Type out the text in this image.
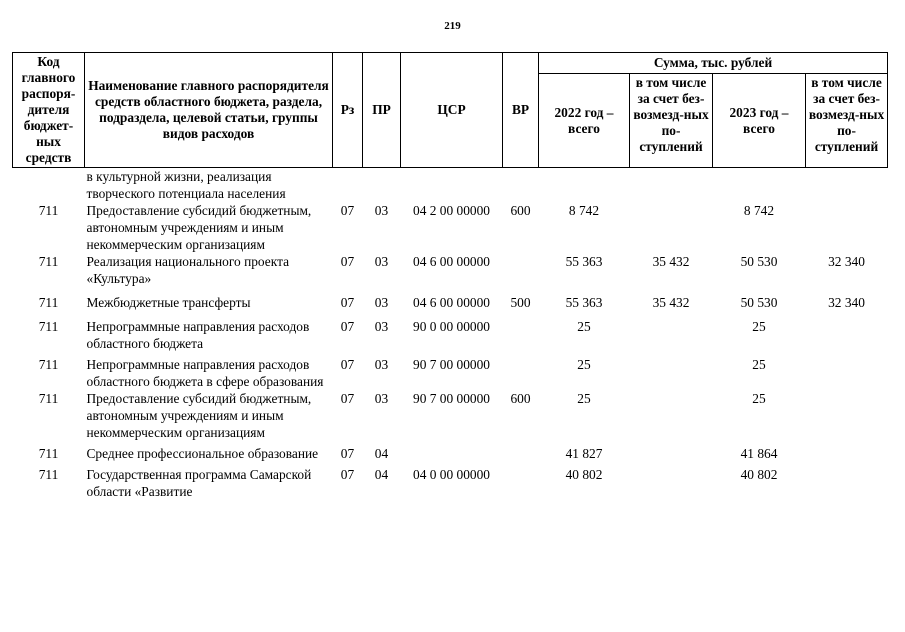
219
Код главного распоря-дителя бюджет-ных средств	Наименование главного распорядителя средств областного бюджета, раздела, подраздела, целевой статьи, группы видов расходов	Рз	ПР	ЦСР	ВР	Сумма, тыс. рублей			
						2022 год – всего	в том числе за счет без-возмезд-ных по-ступлений	2023 год – всего	в том числе за счет без-возмезд-ных по-ступлений
	в культурной жизни, реализация творческого потенциала населения								
711	Предоставление субсидий бюджетным, автономным учреждениям и иным некоммерческим организациям	07	03	04 2 00 00000	600	8 742		8 742	
711	Реализация национального проекта «Культура»	07	03	04 6 00 00000		55 363	35 432	50 530	32 340
711	Межбюджетные трансферты	07	03	04 6 00 00000	500	55 363	35 432	50 530	32 340
711	Непрограммные направления расходов областного бюджета	07	03	90 0 00 00000		25		25	
711	Непрограммные направления расходов областного бюджета в сфере образования	07	03	90 7 00 00000		25		25	
711	Предоставление субсидий бюджетным, автономным учреждениям и иным некоммерческим организациям	07	03	90 7 00 00000	600	25		25	
711	Среднее профессиональное образование	07	04			41 827		41 864	
711	Государственная программа Самарской области «Развитие	07	04	04 0 00 00000		40 802		40 802	
